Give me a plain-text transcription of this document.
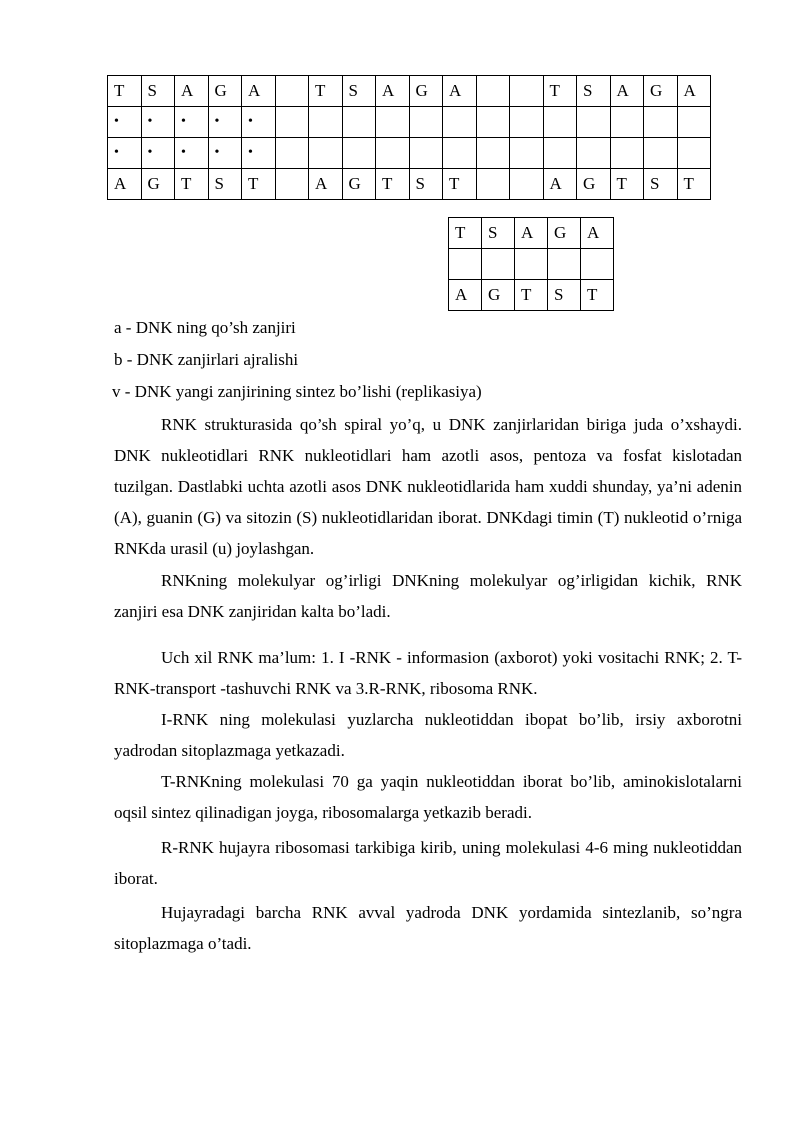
T	S	A	G	A		T	S	A	G	A			T	S	A	G	A
•	•	•	•	•													
•	•	•	•	•													
A	G	T	S	T		A	G	T	S	T			A	G	T	S	T
T	S	A	G	A

A	G	T	S	T
a - DNK ning qo’sh zanjiri
b - DNK zanjirlari ajralishi
v - DNK yangi zanjirining sintez bo’lishi (replikasiya)

RNK strukturasida qo’sh spiral yo’q, u DNK zanjirlaridan biriga juda o’xshaydi. DNK nukleotidlari RNK nukleotidlari ham azotli asos, pentoza va fosfat kislotadan tuzilgan. Dastlabki uchta azotli asos DNK nukleotidlarida ham xuddi shunday, ya’ni adenin (A), guanin (G) va sitozin (S) nukleotidlaridan iborat. DNKdagi timin (T) nukleotid o’rniga RNKda urasil (u) joylashgan.

RNKning molekulyar og’irligi DNKning molekulyar og’irligidan kichik, RNK zanjiri esa DNK zanjiridan kalta bo’ladi.

Uch xil RNK ma’lum: 1. I -RNK - informasion (axborot) yoki vositachi RNK; 2. T-RNK-transport -tashuvchi RNK va 3.R-RNK, ribosoma RNK.

I-RNK ning molekulasi yuzlarcha nukleotiddan ibopat bo’lib, irsiy axborotni yadrodan sitoplazmaga yetkazadi.

T-RNKning molekulasi 70 ga yaqin nukleotiddan iborat bo’lib, aminokislotalarni oqsil sintez qilinadigan joyga, ribosomalarga yetkazib beradi.

R-RNK hujayra ribosomasi tarkibiga kirib, uning molekulasi 4-6 ming nukleotiddan iborat.

Hujayradagi barcha RNK avval yadroda DNK yordamida sintezlanib, so’ngra sitoplazmaga o’tadi.
